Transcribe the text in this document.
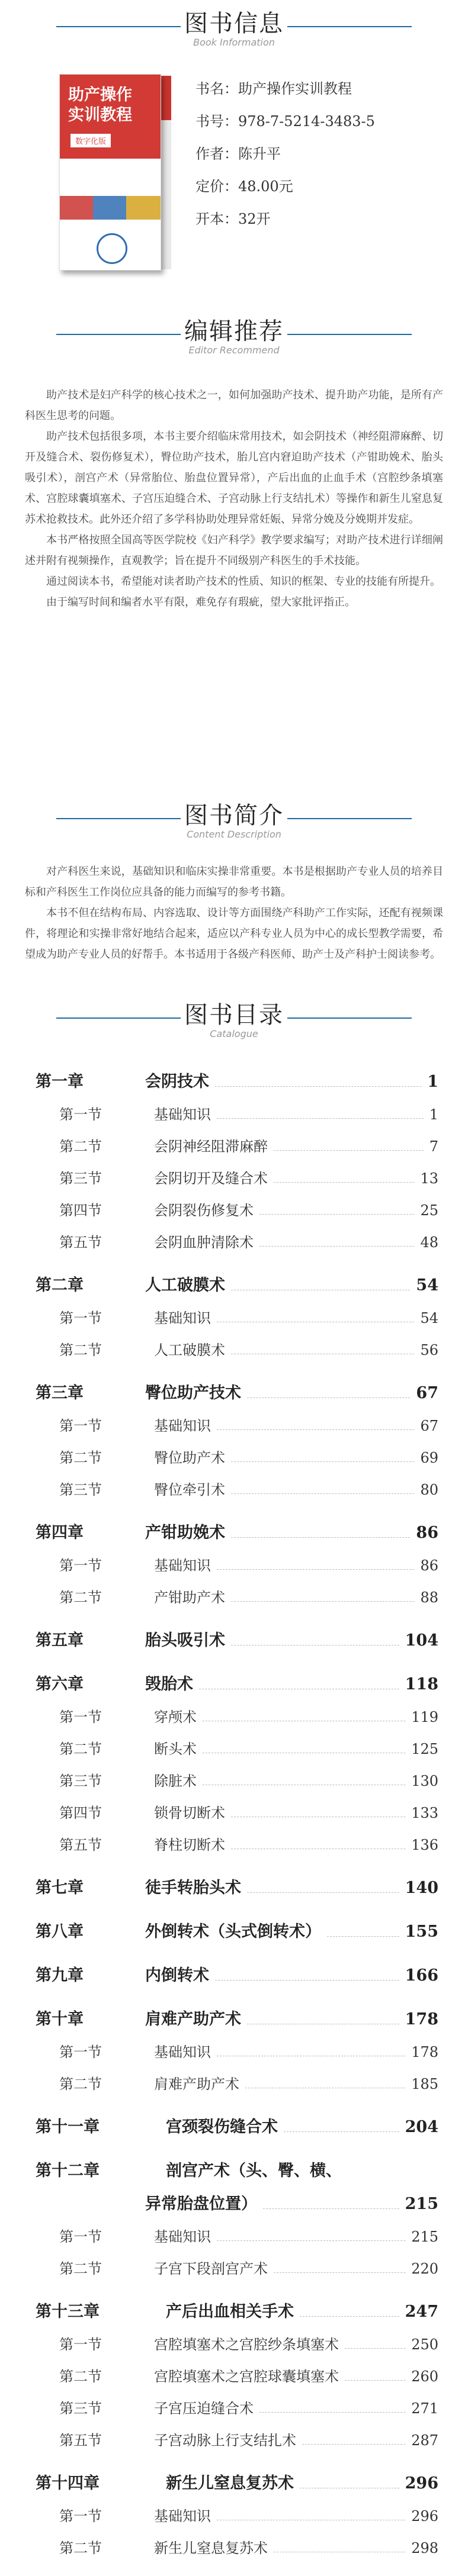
图书信息
Book Information
助产操作
实训教程
数字化版
书名：助产操作实训教程
书号：978-7-5214-3483-5
作者：陈升平
定价：48.00元
开本：32开
编辑推荐
Editor Recommend

助产技术是妇产科学的核心技术之一，如何加强助产技术、提升助产功能，是所有产科医生思考的问题。

助产技术包括很多项，本书主要介绍临床常用技术，如会阴技术（神经阻滞麻醉、切开及缝合术、裂伤修复术），臀位助产技术，胎儿宫内窘迫助产技术（产钳助娩术、胎头吸引术），剖宫产术（异常胎位、胎盘位置异常），产后出血的止血手术（宫腔纱条填塞术、宫腔球囊填塞术、子宫压迫缝合术、子宫动脉上行支结扎术）等操作和新生儿窒息复苏术抢救技术。此外还介绍了多学科协助处理异常妊娠、异常分娩及分娩期并发症。

本书严格按照全国高等医学院校《妇产科学》教学要求编写；对助产技术进行详细阐述并附有视频操作，直观教学；旨在提升不同级别产科医生的手术技能。

通过阅读本书，希望能对读者助产技术的性质、知识的框架、专业的技能有所提升。

由于编写时间和编者水平有限，难免存有瑕疵，望大家批评指正。

图书简介
Content Description

对产科医生来说，基础知识和临床实操非常重要。本书是根据助产专业人员的培养目标和产科医生工作岗位应具备的能力而编写的参考书籍。

本书不但在结构布局、内容选取、设计等方面围绕产科助产工作实际，还配有视频课件，将理论和实操非常好地结合起来，适应以产科专业人员为中心的成长型教学需要，希望成为助产专业人员的好帮手。本书适用于各级产科医师、助产士及产科护士阅读参考。

图书目录
Catalogue
第一章	会阴技术	1
第一节	基础知识	1
第二节	会阴神经阻滞麻醉	7
第三节	会阴切开及缝合术	13
第四节	会阴裂伤修复术	25
第五节	会阴血肿清除术	48
第二章	人工破膜术	54
第一节	基础知识	54
第二节	人工破膜术	56
第三章	臀位助产技术	67
第一节	基础知识	67
第二节	臀位助产术	69
第三节	臀位牵引术	80
第四章	产钳助娩术	86
第一节	基础知识	86
第二节	产钳助产术	88
第五章	胎头吸引术	104
第六章	毁胎术	118
第一节	穿颅术	119
第二节	断头术	125
第三节	除脏术	130
第四节	锁骨切断术	133
第五节	脊柱切断术	136
第七章	徒手转胎头术	140
第八章	外倒转术（头式倒转术）	155
第九章	内倒转术	166
第十章	肩难产助产术	178
第一节	基础知识	178
第二节	肩难产助产术	185
第十一章	宫颈裂伤缝合术	204
第十二章	剖宫产术（头、臀、横、
异常胎盘位置）	215
第一节	基础知识	215
第二节	子宫下段剖宫产术	220
第十三章	产后出血相关手术	247
第一节	宫腔填塞术之宫腔纱条填塞术	250
第二节	宫腔填塞术之宫腔球囊填塞术	260
第三节	子宫压迫缝合术	271
第五节	子宫动脉上行支结扎术	287
第十四章	新生儿窒息复苏术	296
第一节	基础知识	296
第二节	新生儿窒息复苏术	298
